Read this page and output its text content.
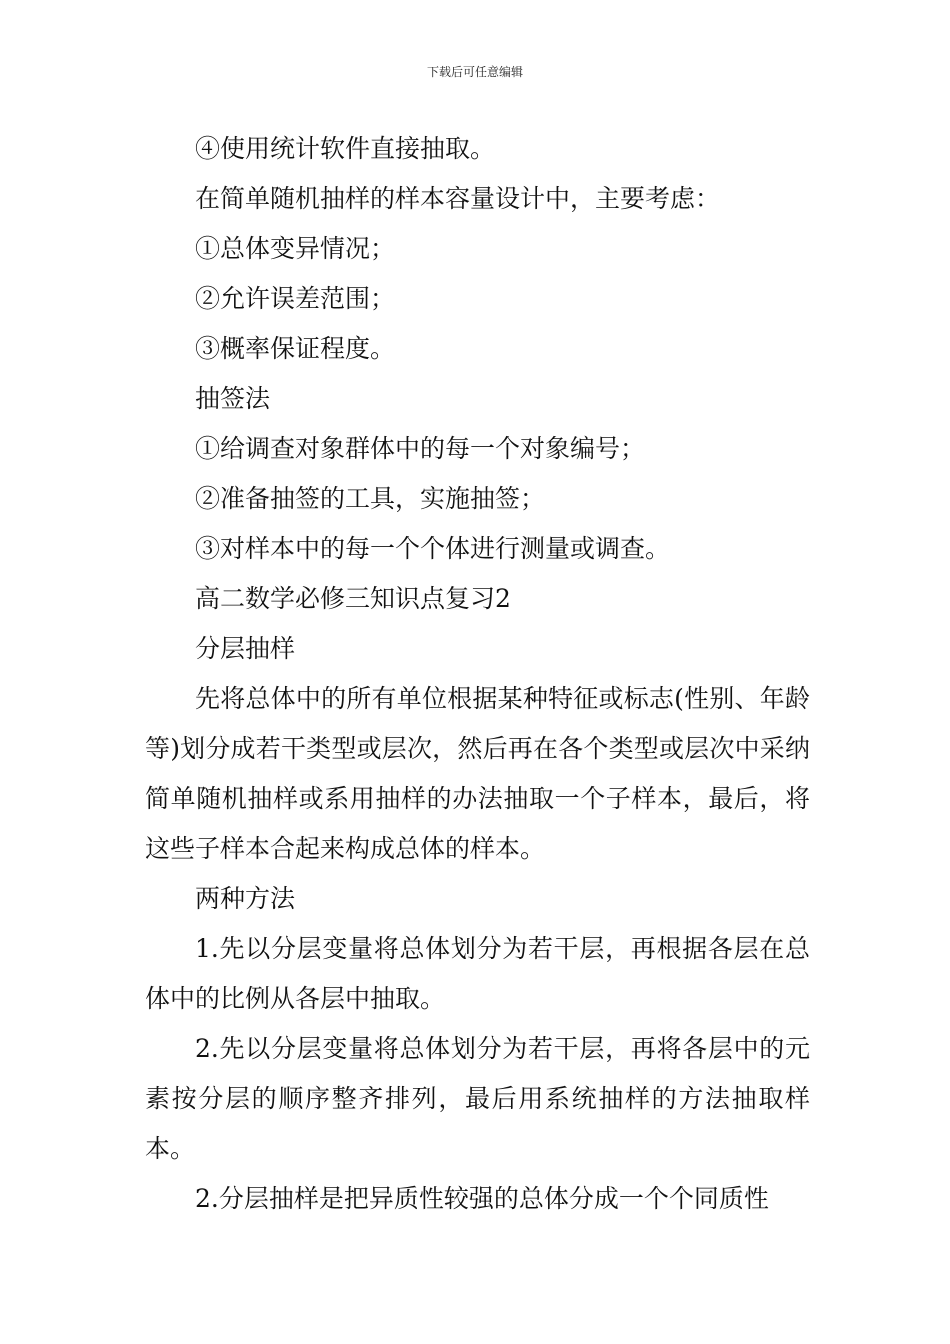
下载后可任意编辑

④使用统计软件直接抽取。

在简单随机抽样的样本容量设计中，主要考虑：

①总体变异情况；

②允许误差范围；

③概率保证程度。

抽签法

①给调查对象群体中的每一个对象编号；

②准备抽签的工具，实施抽签；

③对样本中的每一个个体进行测量或调查。

高二数学必修三知识点复习2

分层抽样

先将总体中的所有单位根据某种特征或标志(性别、年龄等)划分成若干类型或层次，然后再在各个类型或层次中采纳简单随机抽样或系用抽样的办法抽取一个子样本，最后，将这些子样本合起来构成总体的样本。

两种方法

1.先以分层变量将总体划分为若干层，再根据各层在总体中的比例从各层中抽取。

2.先以分层变量将总体划分为若干层，再将各层中的元素按分层的顺序整齐排列，最后用系统抽样的方法抽取样本。

2.分层抽样是把异质性较强的总体分成一个个同质性
